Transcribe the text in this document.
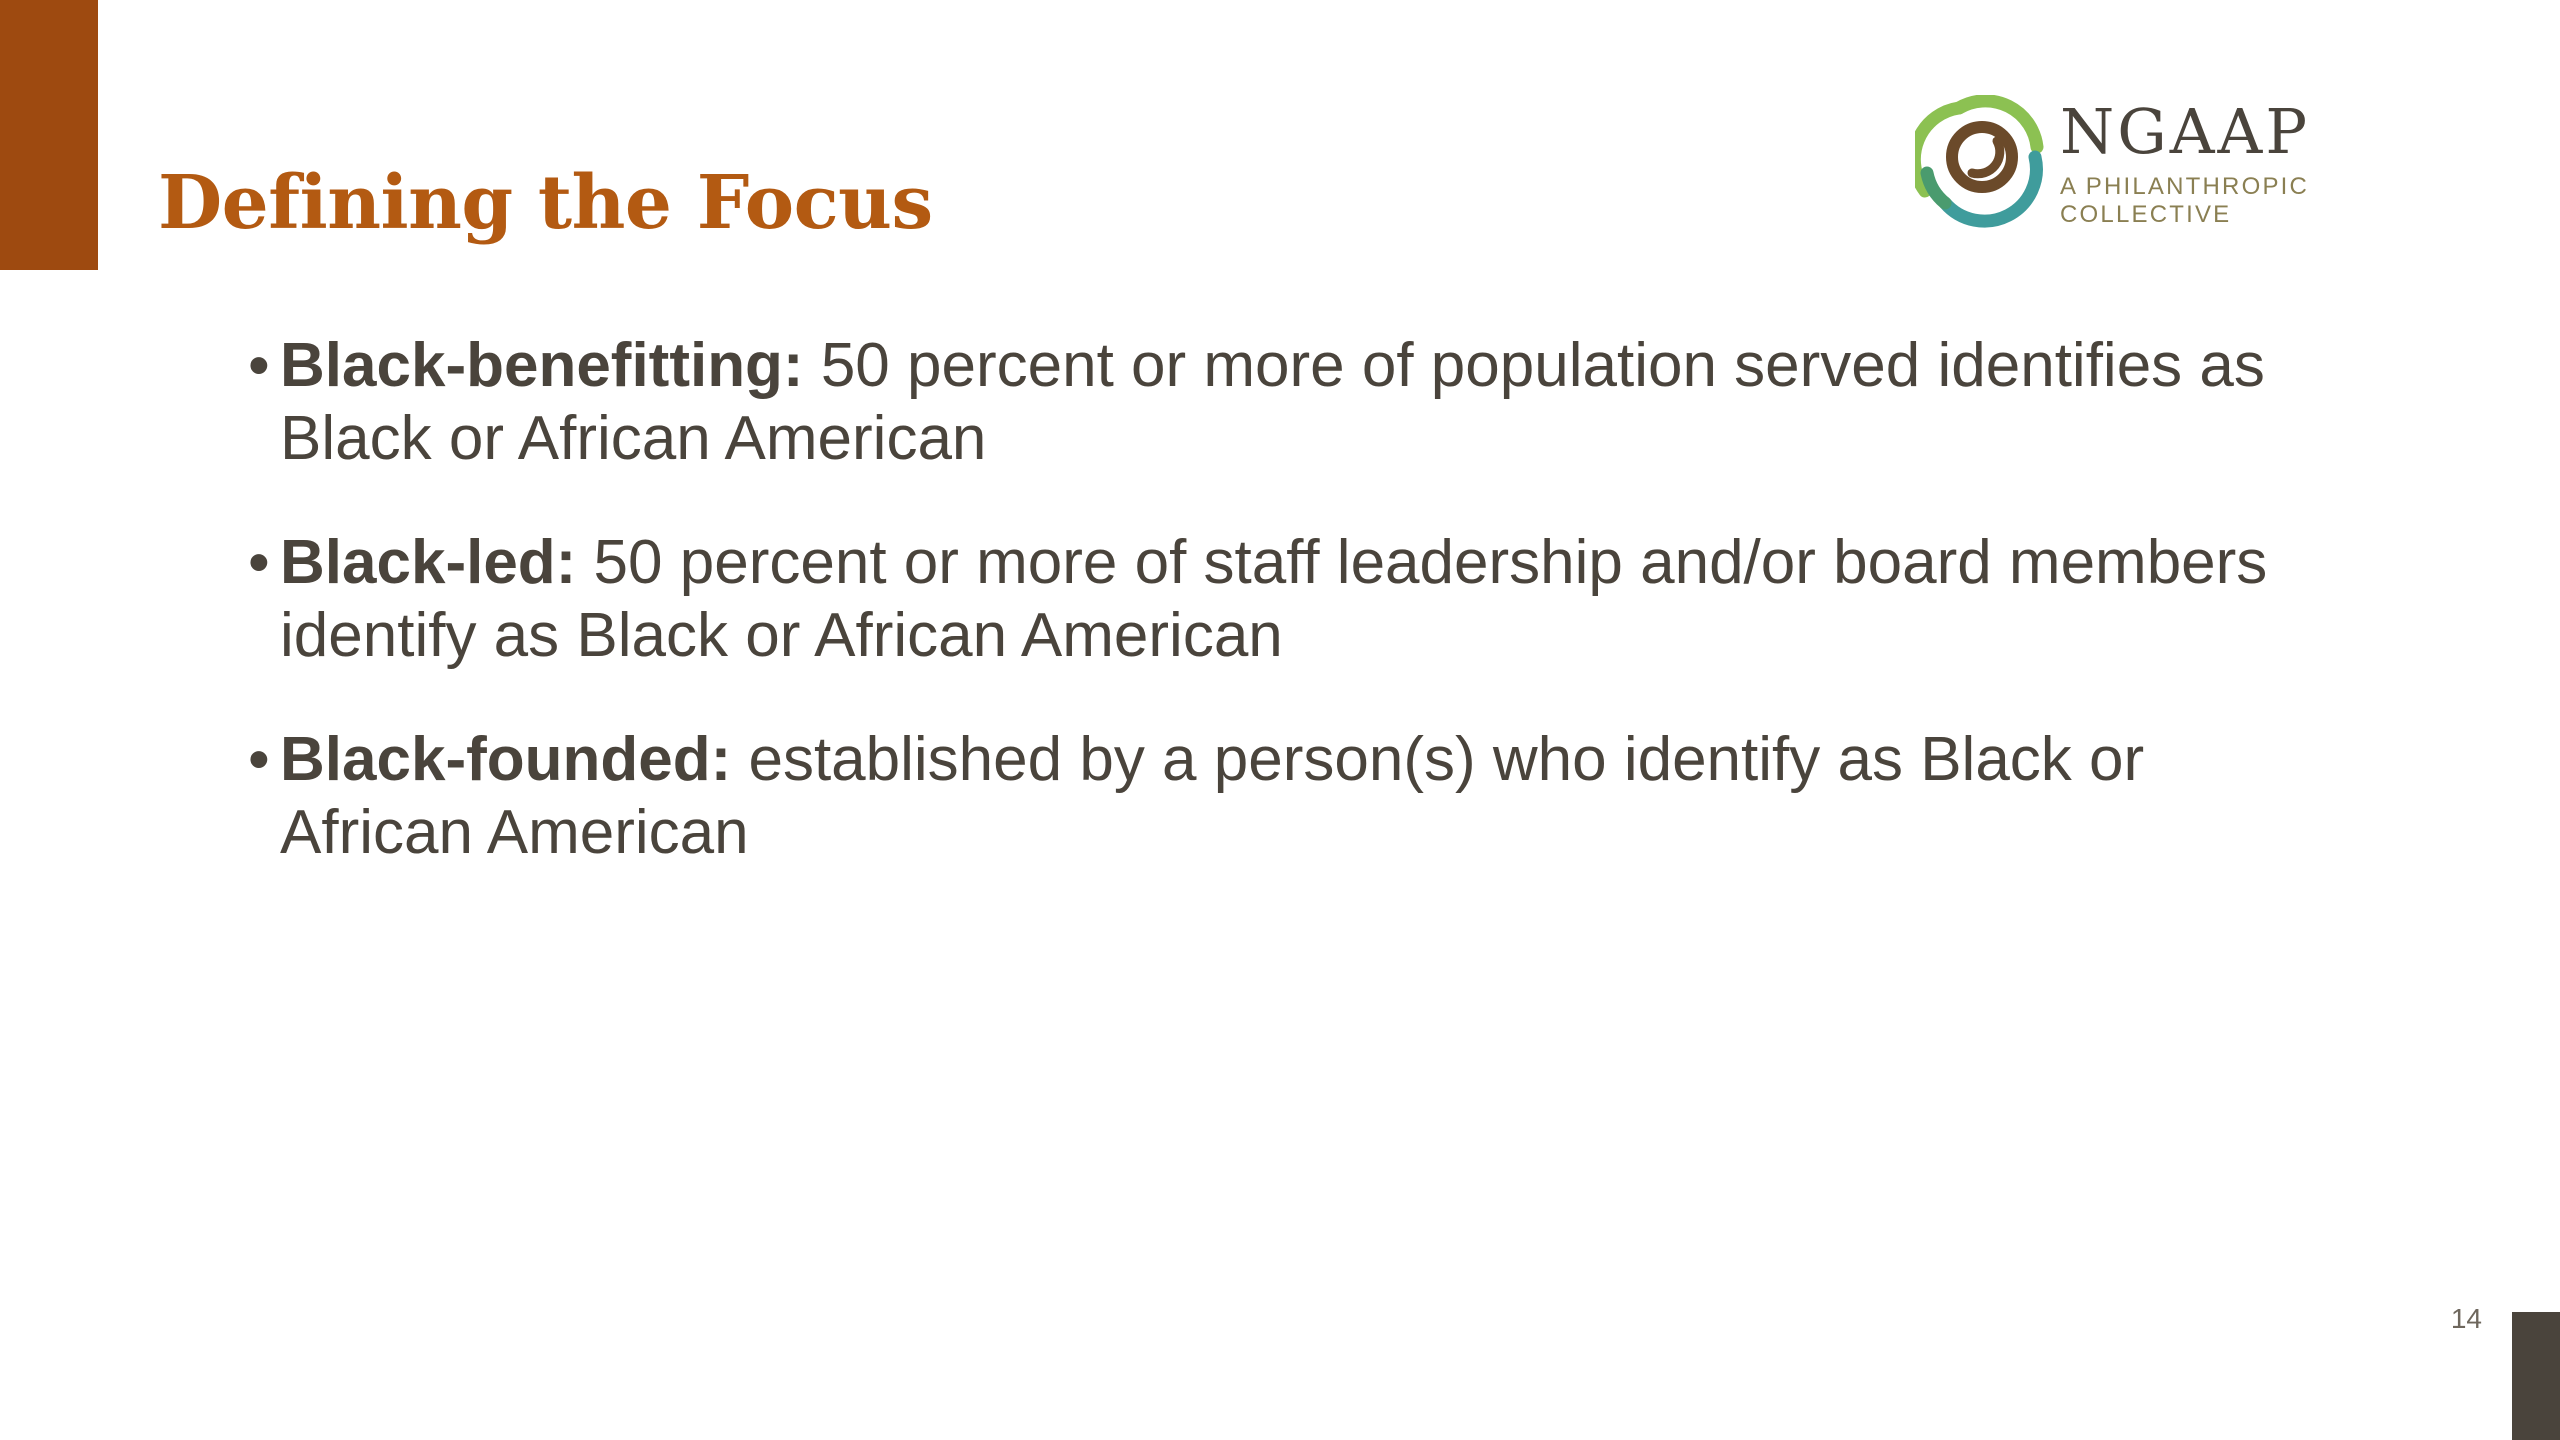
Defining the Focus
NGAAP
A PHILANTHROPIC
COLLECTIVE
• Black-benefitting: 50 percent or more of population served identifies as Black or African American
• Black-led: 50 percent or more of staff leadership and/or board members identify as Black or African American
• Black-founded: established by a person(s) who identify as Black or African American
14
